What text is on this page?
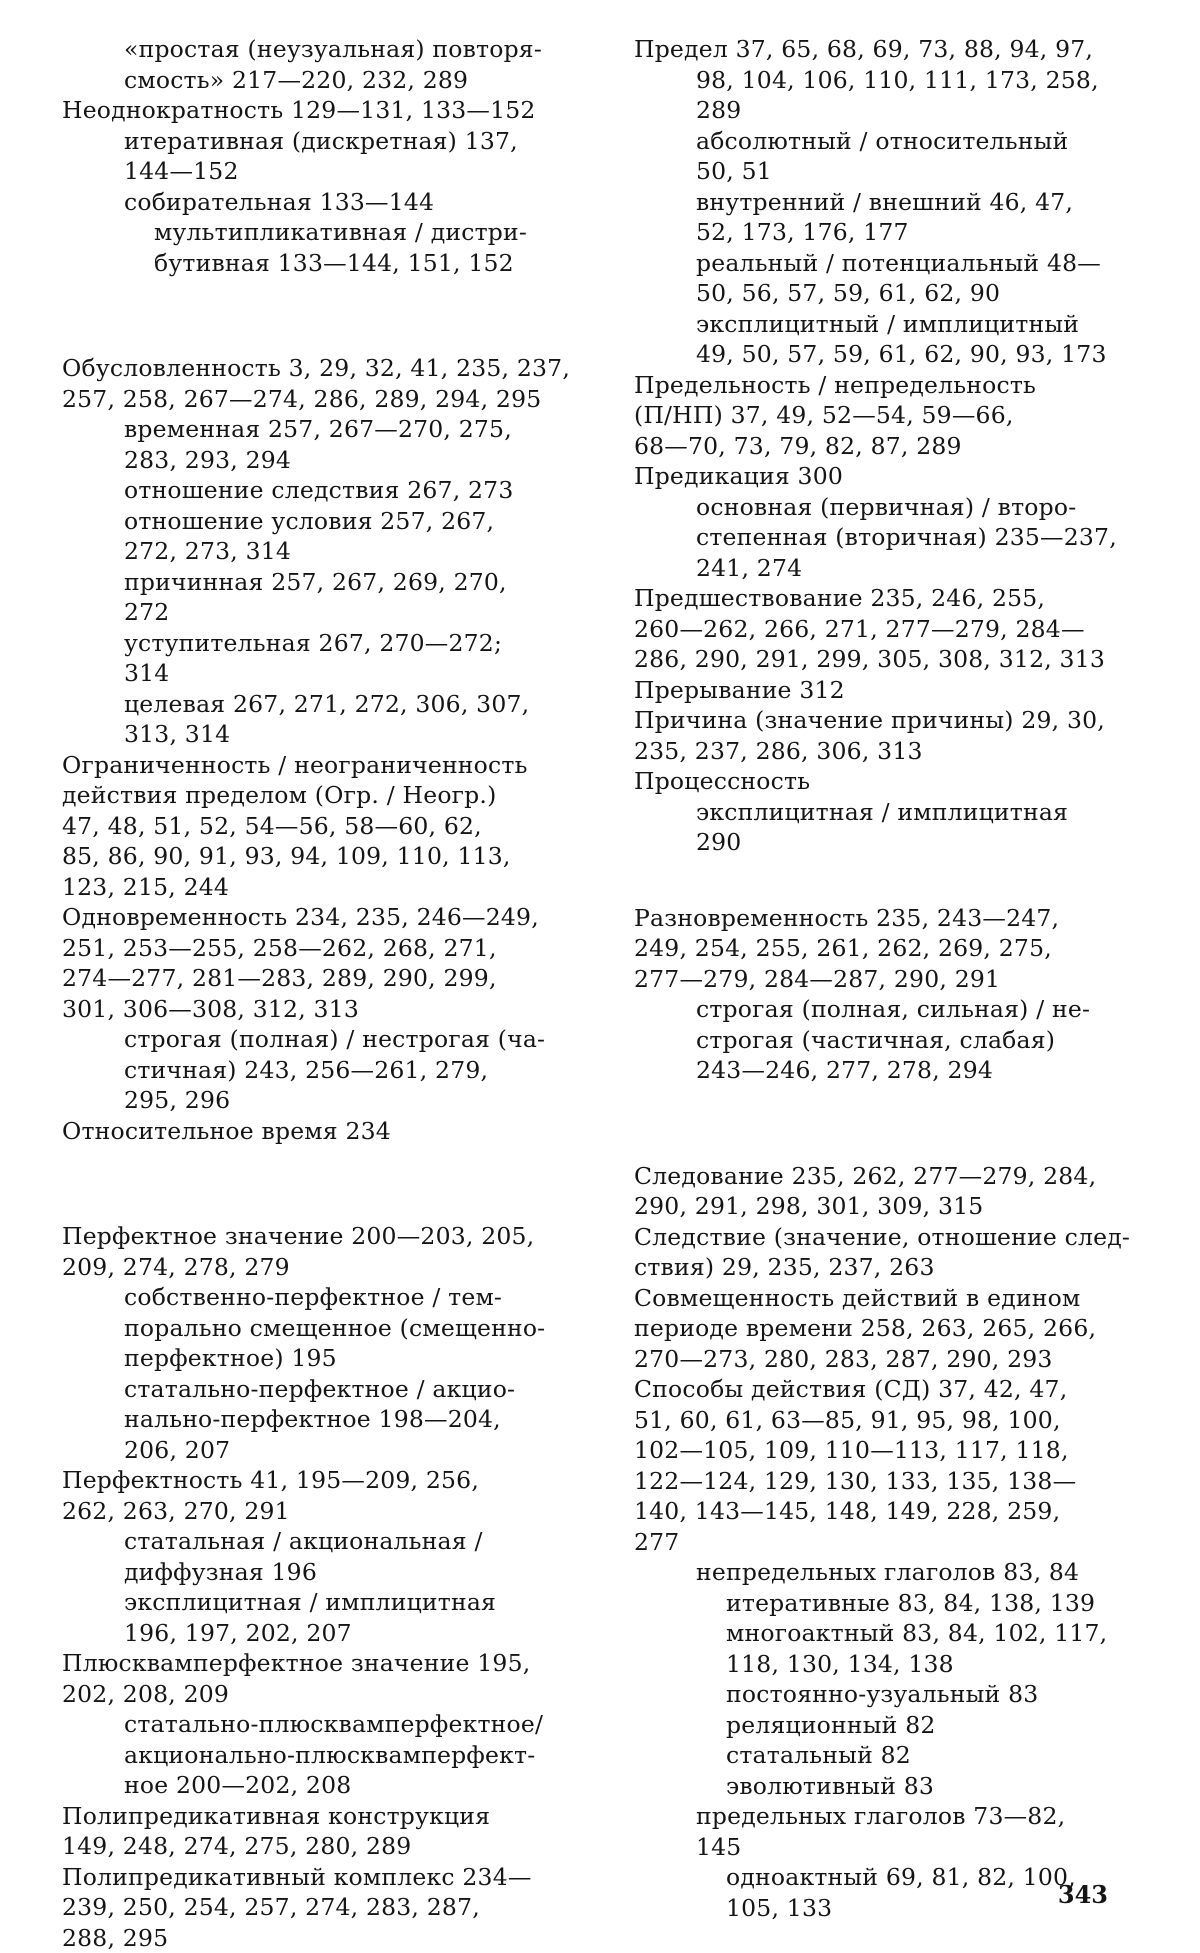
«простая (неузуальная) повторя-
смость» 217—220, 232, 289
Неоднократность 129—131, 133—152
итеративная (дискретная) 137,
144—152
собирательная 133—144
мультипликативная / дистри-
бутивная 133—144, 151, 152
Обусловленность 3, 29, 32, 41, 235, 237,
257, 258, 267—274, 286, 289, 294, 295
временная 257, 267—270, 275,
283, 293, 294
отношение следствия 267, 273
отношение условия 257, 267,
272, 273, 314
причинная 257, 267, 269, 270,
272
уступительная 267, 270—272;
314
целевая 267, 271, 272, 306, 307,
313, 314
Ограниченность / неограниченность
действия пределом (Огр. / Неогр.)
47, 48, 51, 52, 54—56, 58—60, 62,
85, 86, 90, 91, 93, 94, 109, 110, 113,
123, 215, 244
Одновременность 234, 235, 246—249,
251, 253—255, 258—262, 268, 271,
274—277, 281—283, 289, 290, 299,
301, 306—308, 312, 313
строгая (полная) / нестрогая (ча-
стичная) 243, 256—261, 279,
295, 296
Относительное время 234
Перфектное значение 200—203, 205,
209, 274, 278, 279
собственно-перфектное / тем-
порально смещенное (смещенно-
перфектное) 195
статально-перфектное / акцио-
нально-перфектное 198—204,
206, 207
Перфектность 41, 195—209, 256,
262, 263, 270, 291
статальная / акциональная /
диффузная 196
эксплицитная / имплицитная
196, 197, 202, 207
Плюсквамперфектное значение 195,
202, 208, 209
статально-плюсквамперфектное/
акционально-плюсквамперфект-
ное 200—202, 208
Полипредикативная конструкция
149, 248, 274, 275, 280, 289
Полипредикативный комплекс 234—
239, 250, 254, 257, 274, 283, 287,
288, 295
Предел 37, 65, 68, 69, 73, 88, 94, 97,
98, 104, 106, 110, 111, 173, 258,
289
абсолютный / относительный
50, 51
внутренний / внешний 46, 47,
52, 173, 176, 177
реальный / потенциальный 48—
50, 56, 57, 59, 61, 62, 90
эксплицитный / имплицитный
49, 50, 57, 59, 61, 62, 90, 93, 173
Предельность / непредельность
(П/НП) 37, 49, 52—54, 59—66,
68—70, 73, 79, 82, 87, 289
Предикация 300
основная (первичная) / второ-
степенная (вторичная) 235—237,
241, 274
Предшествование 235, 246, 255,
260—262, 266, 271, 277—279, 284—
286, 290, 291, 299, 305, 308, 312, 313
Прерывание 312
Причина (значение причины) 29, 30,
235, 237, 286, 306, 313
Процессность
эксплицитная / имплицитная
290
Разновременность 235, 243—247,
249, 254, 255, 261, 262, 269, 275,
277—279, 284—287, 290, 291
строгая (полная, сильная) / не-
строгая (частичная, слабая)
243—246, 277, 278, 294
Следование 235, 262, 277—279, 284,
290, 291, 298, 301, 309, 315
Следствие (значение, отношение след-
ствия) 29, 235, 237, 263
Совмещенность действий в едином
периоде времени 258, 263, 265, 266,
270—273, 280, 283, 287, 290, 293
Способы действия (СД) 37, 42, 47,
51, 60, 61, 63—85, 91, 95, 98, 100,
102—105, 109, 110—113, 117, 118,
122—124, 129, 130, 133, 135, 138—
140, 143—145, 148, 149, 228, 259,
277
непредельных глаголов 83, 84
итеративные 83, 84, 138, 139
многоактный 83, 84, 102, 117,
118, 130, 134, 138
постоянно-узуальный 83
реляционный 82
статальный 82
эволютивный 83
предельных глаголов 73—82,
145
одноактный 69, 81, 82, 100,
105, 133	343
